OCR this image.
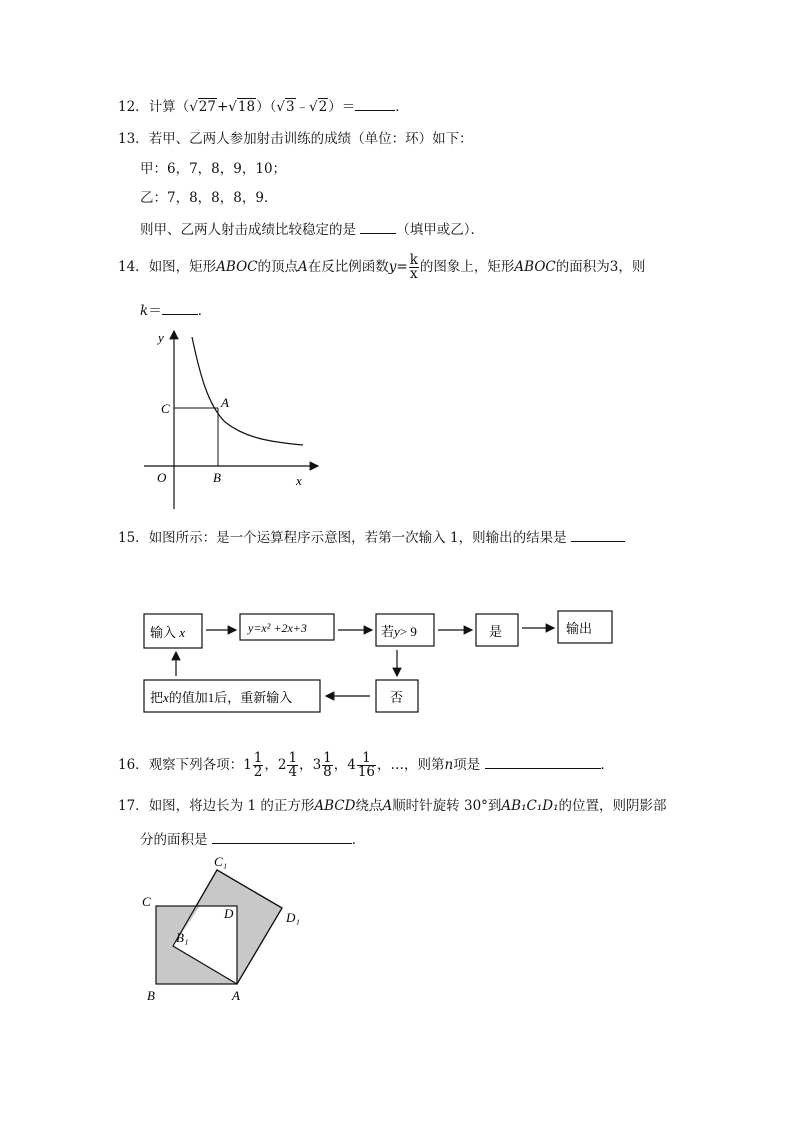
12．计算（√27+√18）（√3﹣√2）＝	．
13．若甲、乙两人参加射击训练的成绩（单位：环）如下：
甲：6，7，8，9，10；
乙：7，8，8，8，9．
则甲、乙两人射击成绩比较稳定的是	（填甲或乙）．
14．如图，矩形ABOC的顶点A在反比例函数$y= \frac{k}{x}$ 的图象上，矩形ABOC的面积为3，则
k＝	．
y
x
O	B
C	A
15．如图所示：是一个运算程序示意图，若第一次输入 1，则输出的结果是
输入 x	y=x² +2x+3	若y> 9	是	输出
否
把x的值加1后，重新输入
16．观察下列各项：$1 \frac{1}{2}$ ，$2 \frac{1}{4}$ ，$3 \frac{1}{8}$ ，$4 \frac{1}{16}$ ，…，则第n项是	．
17．如图，将边长为 1 的正方形ABCD绕点A顺时针旋转 30°到AB₁C₁D₁的位置，则阴影部
分的面积是	．
C₁
C
D	D₁
B₁
B	A
